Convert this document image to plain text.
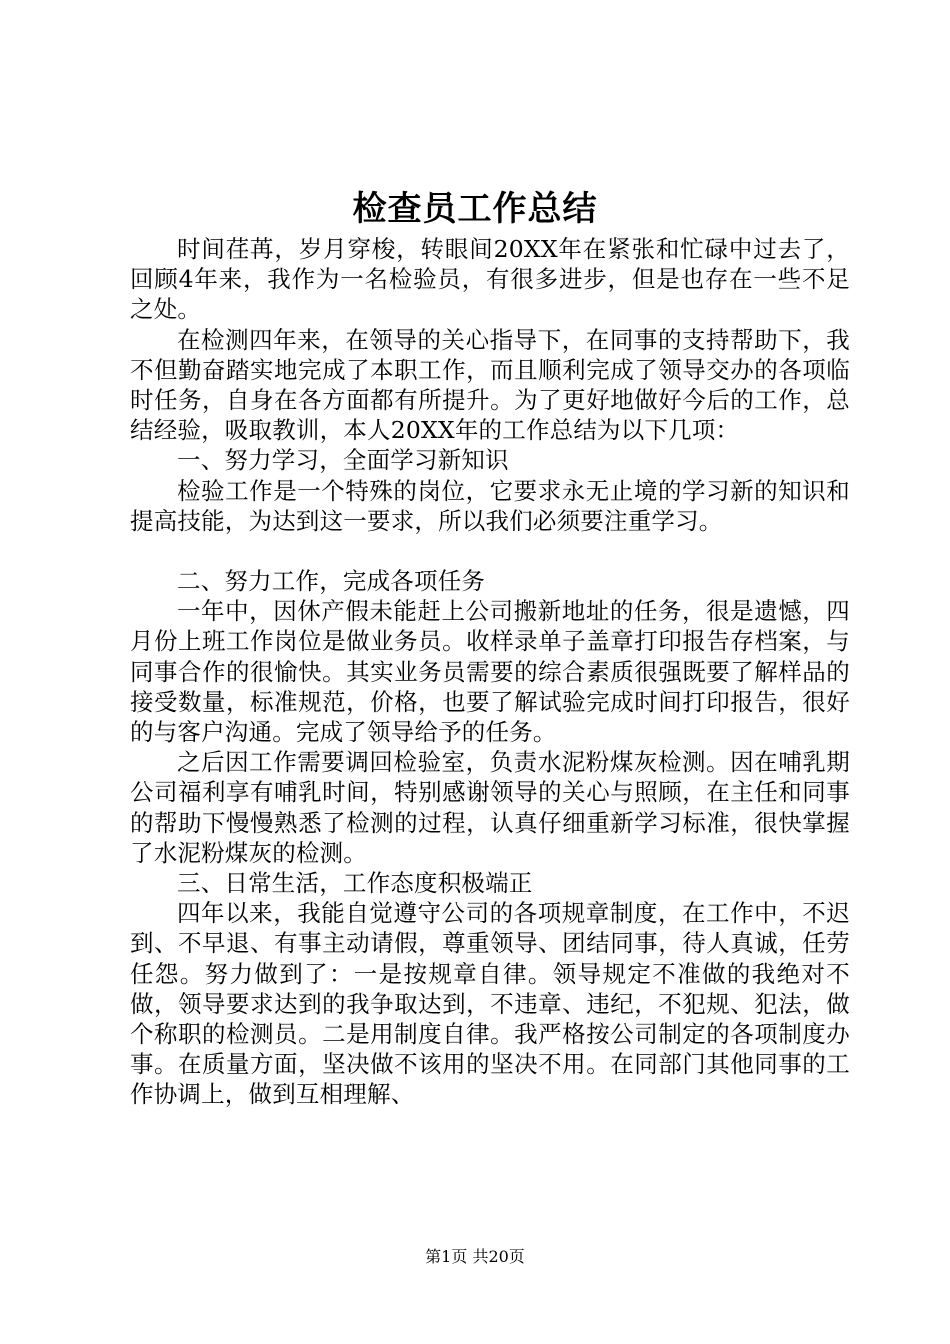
检查员工作总结

时间荏苒，岁月穿梭，转眼间20XX年在紧张和忙碌中过去了，回顾4年来，我作为一名检验员，有很多进步，但是也存在一些不足之处。

在检测四年来，在领导的关心指导下，在同事的支持帮助下，我不但勤奋踏实地完成了本职工作，而且顺利完成了领导交办的各项临时任务，自身在各方面都有所提升。为了更好地做好今后的工作，总结经验，吸取教训，本人20XX年的工作总结为以下几项：

一、努力学习，全面学习新知识

检验工作是一个特殊的岗位，它要求永无止境的学习新的知识和提高技能，为达到这一要求，所以我们必须要注重学习。

二、努力工作，完成各项任务

一年中，因休产假未能赶上公司搬新地址的任务，很是遗憾，四月份上班工作岗位是做业务员。收样录单子盖章打印报告存档案，与同事合作的很愉快。其实业务员需要的综合素质很强既要了解样品的接受数量，标准规范，价格，也要了解试验完成时间打印报告，很好的与客户沟通。完成了领导给予的任务。

之后因工作需要调回检验室，负责水泥粉煤灰检测。因在哺乳期公司福利享有哺乳时间，特别感谢领导的关心与照顾，在主任和同事的帮助下慢慢熟悉了检测的过程，认真仔细重新学习标准，很快掌握了水泥粉煤灰的检测。

三、日常生活，工作态度积极端正

四年以来，我能自觉遵守公司的各项规章制度，在工作中，不迟到、不早退、有事主动请假，尊重领导、团结同事，待人真诚，任劳任怨。努力做到了：一是按规章自律。领导规定不准做的我绝对不做，领导要求达到的我争取达到，不违章、违纪，不犯规、犯法，做个称职的检测员。二是用制度自律。我严格按公司制定的各项制度办事。在质量方面，坚决做不该用的坚决不用。在同部门其他同事的工作协调上，做到互相理解、

第1页 共20页
